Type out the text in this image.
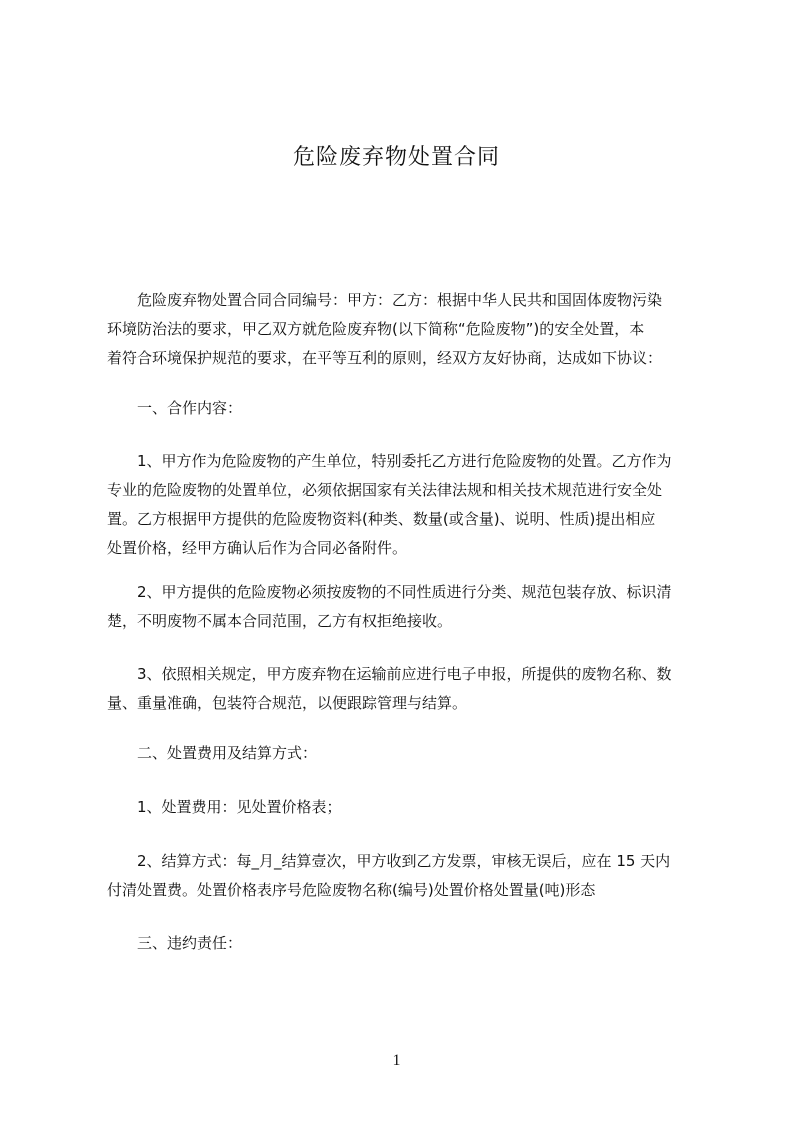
危险废弃物处置合同

　　危险废弃物处置合同合同编号：甲方：乙方：根据中华人民共和国固体废物污染
环境防治法的要求，甲乙双方就危险废弃物(以下简称“危险废物”)的安全处置，本
着符合环境保护规范的要求，在平等互利的原则，经双方友好协商，达成如下协议：

　　一、合作内容：

　　1、甲方作为危险废物的产生单位，特别委托乙方进行危险废物的处置。乙方作为
专业的危险废物的处置单位，必须依据国家有关法律法规和相关技术规范进行安全处
置。乙方根据甲方提供的危险废物资料(种类、数量(或含量)、说明、性质)提出相应
处置价格，经甲方确认后作为合同必备附件。

　　2、甲方提供的危险废物必须按废物的不同性质进行分类、规范包装存放、标识清
楚，不明废物不属本合同范围，乙方有权拒绝接收。

　　3、依照相关规定，甲方废弃物在运输前应进行电子申报，所提供的废物名称、数
量、重量准确，包装符合规范，以便跟踪管理与结算。

　　二、处置费用及结算方式：

　　1、处置费用：见处置价格表；

　　2、结算方式：每_月_结算壹次，甲方收到乙方发票，审核无误后，应在 15 天内
付清处置费。处置价格表序号危险废物名称(编号)处置价格处置量(吨)形态

　　三、违约责任：

1
